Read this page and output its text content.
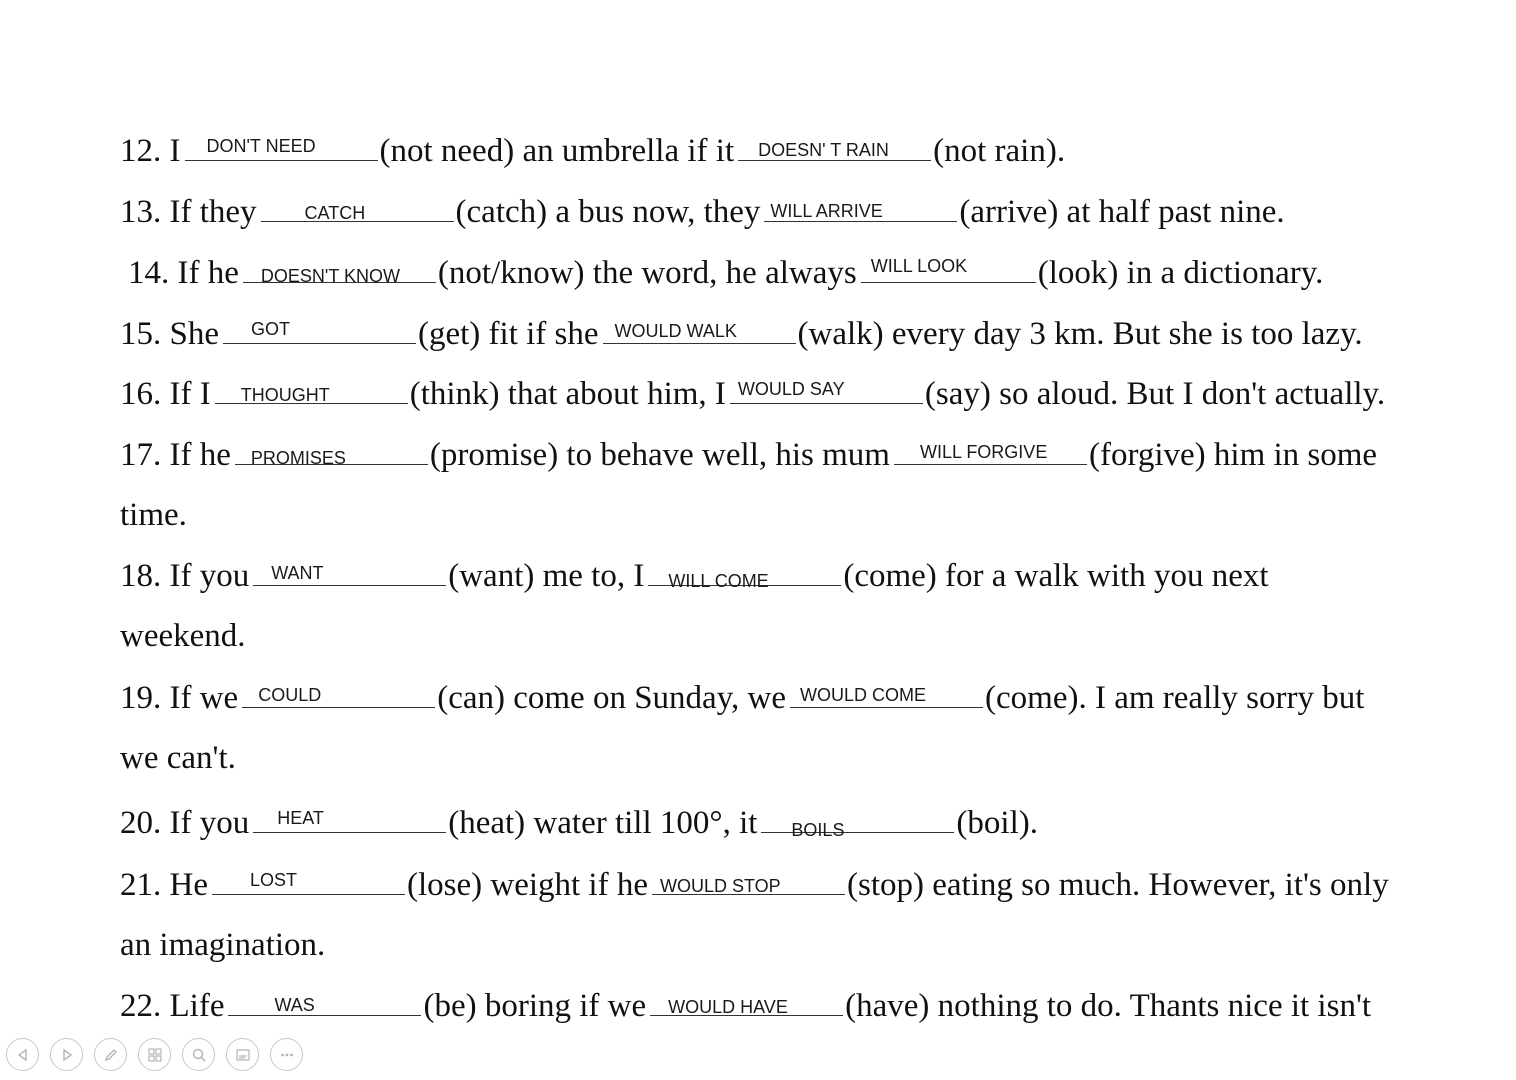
12. I DON'T NEED (not need) an umbrella if it DOESN' T RAIN (not rain).
13. If they	CATCH	(catch) a bus now, they WILL ARRIVE (arrive) at half past nine.
14. If he DOESN'T KNOW (not/know) the word, he always WILL LOOK (look) in a dictionary.
15. She GOT	(get) fit if she WOULD WALK (walk) every day 3 km. But she is too lazy.
16. If I THOUGHT (think) that about him, I WOULD SAY (say) so aloud. But I don't actually.
17. If he PROMISES	(promise) to behave well, his mum WILL FORGIVE (forgive) him in some
time.
18. If you WANT	(want) me to, I WILL COME (come) for a walk with you next
weekend.
19. If we COULD	(can) come on Sunday, we WOULD COME (come). I am really sorry but
we can't.
20. If you HEAT	(heat) water till 100°, it BOILS	(boil).
21. He LOST	(lose) weight if he WOULD STOP (stop) eating so much. However, it's only
an imagination.
22. Life	WAS	(be) boring if we WOULD HAVE (have) nothing to do. Thants nice it isn't
